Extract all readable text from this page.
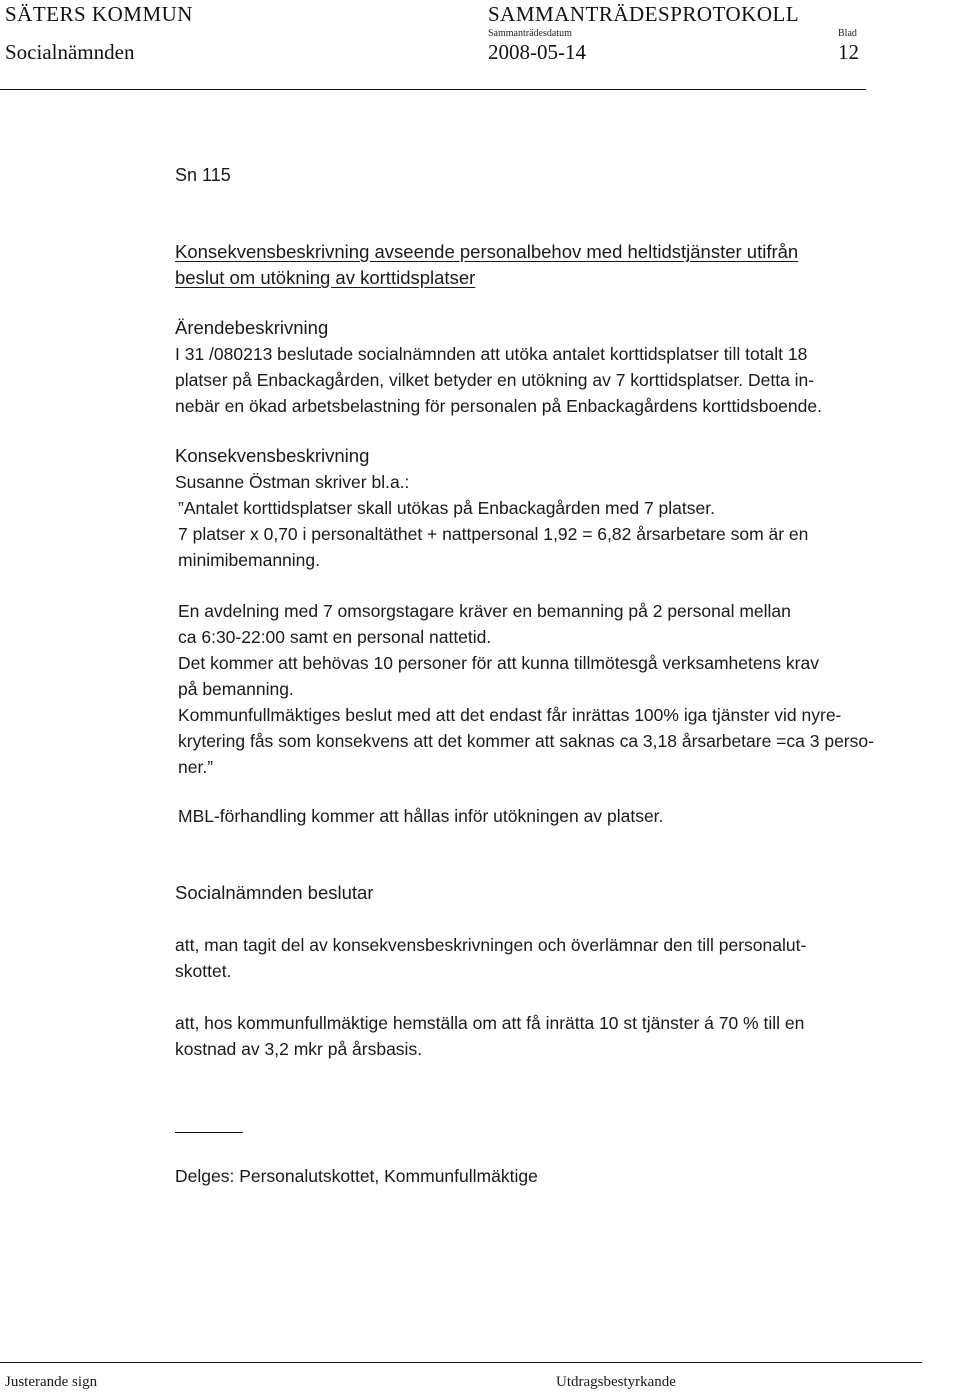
SÄTERS KOMMUN	SAMMANTRÄDESPROTOKOLL
Sammanträdesdatum	Blad
Socialnämnden	2008-05-14	12

Sn 115

Konsekvensbeskrivning avseende personalbehov med heltidstjänster utifrån

beslut om utökning av korttidsplatser

Ärendebeskrivning

I 31 /080213 beslutade socialnämnden att utöka antalet korttidsplatser till totalt 18

platser på Enbackagården, vilket betyder en utökning av 7 korttidsplatser. Detta in-

nebär en ökad arbetsbelastning för personalen på Enbackagårdens korttidsboende.

Konsekvensbeskrivning

Susanne Östman skriver bl.a.:

”Antalet korttidsplatser skall utökas på Enbackagården med 7 platser.

7 platser x 0,70 i personaltäthet + nattpersonal 1,92 = 6,82 årsarbetare som är en

minimibemanning.

En avdelning med 7 omsorgstagare kräver en bemanning på 2 personal mellan

ca 6:30-22:00 samt en personal nattetid.

Det kommer att behövas 10 personer för att kunna tillmötesgå verksamhetens krav

på bemanning.

Kommunfullmäktiges beslut med att det endast får inrättas 100% iga tjänster vid nyre-

krytering fås som konsekvens att det kommer att saknas ca 3,18 årsarbetare =ca 3 perso-

ner.”

MBL-förhandling kommer att hållas inför utökningen av platser.

Socialnämnden beslutar

att, man tagit del av konsekvensbeskrivningen och överlämnar den till personalut-

skottet.

att, hos kommunfullmäktige hemställa om att få inrätta 10 st tjänster á 70 % till en

kostnad av 3,2 mkr på årsbasis.

Delges: Personalutskottet, Kommunfullmäktige

Justerande sign	Utdragsbestyrkande
